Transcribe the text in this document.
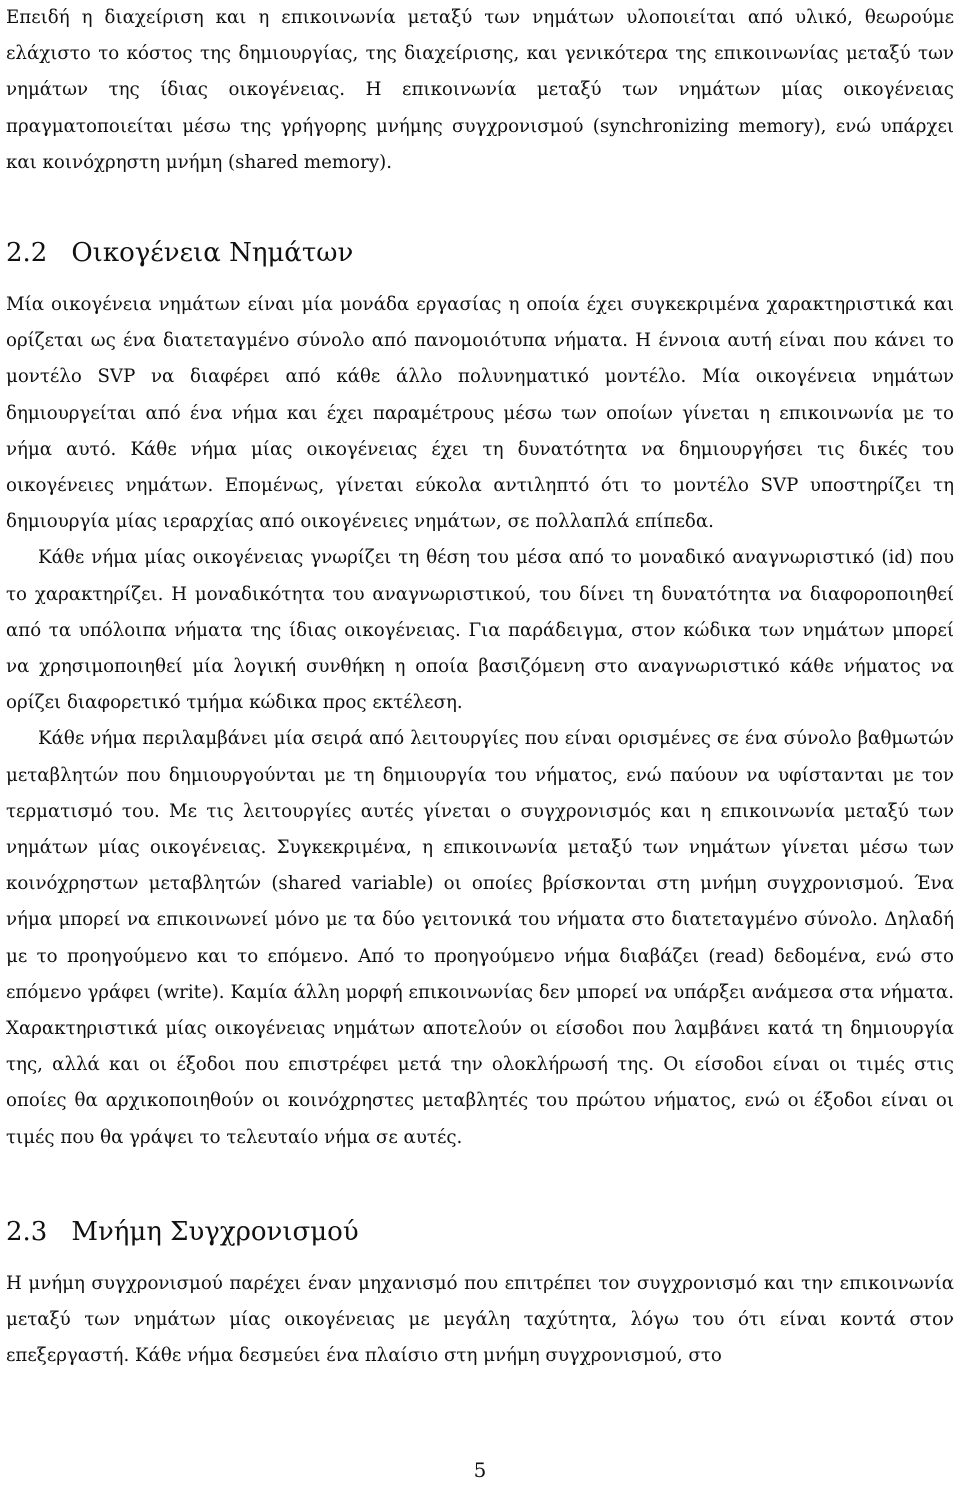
Επειδή η διαχείριση και η επικοινωνία μεταξύ των νημάτων υλοποιείται από υλικό, θεωρούμε ελάχιστο το κόστος της δημιουργίας, της διαχείρισης, και γενικότερα της επικοινωνίας μεταξύ των νημάτων της ίδιας οικογένειας. Η επικοινωνία μεταξύ των νημάτων μίας οικογένειας πραγματοποιείται μέσω της γρήγορης μνήμης συγχρονισμού (synchronizing memory), ενώ υπάρχει και κοινόχρηστη μνήμη (shared memory).

2.2 Οικογένεια Νημάτων

Μία οικογένεια νημάτων είναι μία μονάδα εργασίας η οποία έχει συγκεκριμένα χαρακτηριστικά και ορίζεται ως ένα διατεταγμένο σύνολο από πανομοιότυπα νήματα. Η έννοια αυτή είναι που κάνει το μοντέλο SVP να διαφέρει από κάθε άλλο πολυνηματικό μοντέλο. Μία οικογένεια νημάτων δημιουργείται από ένα νήμα και έχει παραμέτρους μέσω των οποίων γίνεται η επικοινωνία με το νήμα αυτό. Κάθε νήμα μίας οικογένειας έχει τη δυνατότητα να δημιουργήσει τις δικές του οικογένειες νημάτων. Επομένως, γίνεται εύκολα αντιληπτό ότι το μοντέλο SVP υποστηρίζει τη δημιουργία μίας ιεραρχίας από οικογένειες νημάτων, σε πολλαπλά επίπεδα.

Κάθε νήμα μίας οικογένειας γνωρίζει τη θέση του μέσα από το μοναδικό αναγνωριστικό (id) που το χαρακτηρίζει. Η μοναδικότητα του αναγνωριστικού, του δίνει τη δυνατότητα να διαφοροποιηθεί από τα υπόλοιπα νήματα της ίδιας οικογένειας. Για παράδειγμα, στον κώδικα των νημάτων μπορεί να χρησιμοποιηθεί μία λογική συνθήκη η οποία βασιζόμενη στο αναγνωριστικό κάθε νήματος να ορίζει διαφορετικό τμήμα κώδικα προς εκτέλεση.

Κάθε νήμα περιλαμβάνει μία σειρά από λειτουργίες που είναι ορισμένες σε ένα σύνολο βαθμωτών μεταβλητών που δημιουργούνται με τη δημιουργία του νήματος, ενώ παύουν να υφίστανται με τον τερματισμό του. Με τις λειτουργίες αυτές γίνεται ο συγχρονισμός και η επικοινωνία μεταξύ των νημάτων μίας οικογένειας. Συγκεκριμένα, η επικοινωνία μεταξύ των νημάτων γίνεται μέσω των κοινόχρηστων μεταβλητών (shared variable) οι οποίες βρίσκονται στη μνήμη συγχρονισμού. Ένα νήμα μπορεί να επικοινωνεί μόνο με τα δύο γειτονικά του νήματα στο διατεταγμένο σύνολο. Δηλαδή με το προηγούμενο και το επόμενο. Από το προηγούμενο νήμα διαβάζει (read) δεδομένα, ενώ στο επόμενο γράφει (write). Καμία άλλη μορφή επικοινωνίας δεν μπορεί να υπάρξει ανάμεσα στα νήματα. Χαρακτηριστικά μίας οικογένειας νημάτων αποτελούν οι είσοδοι που λαμβάνει κατά τη δημιουργία της, αλλά και οι έξοδοι που επιστρέφει μετά την ολοκλήρωσή της. Οι είσοδοι είναι οι τιμές στις οποίες θα αρχικοποιηθούν οι κοινόχρηστες μεταβλητές του πρώτου νήματος, ενώ οι έξοδοι είναι οι τιμές που θα γράψει το τελευταίο νήμα σε αυτές.

2.3 Μνήμη Συγχρονισμού

Η μνήμη συγχρονισμού παρέχει έναν μηχανισμό που επιτρέπει τον συγχρονισμό και την επικοινωνία μεταξύ των νημάτων μίας οικογένειας με μεγάλη ταχύτητα, λόγω του ότι είναι κοντά στον επεξεργαστή. Κάθε νήμα δεσμεύει ένα πλαίσιο στη μνήμη συγχρονισμού, στο

5
